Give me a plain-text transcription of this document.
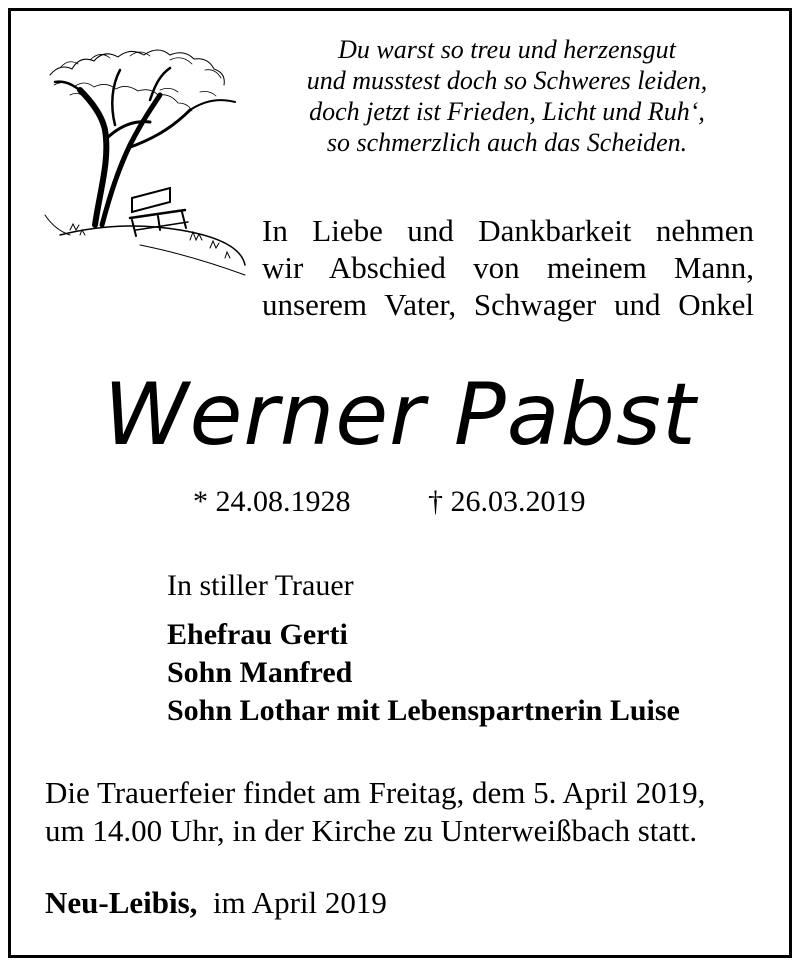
Du warst so treu und herzensgut
und musstest doch so Schweres leiden,
doch jetzt ist Frieden, Licht und Ruh‘,
so schmerzlich auch das Scheiden.
In Liebe und Dankbarkeit nehmen
wir Abschied von meinem Mann,
unserem Vater, Schwager und Onkel
Werner Pabst
* 24.08.1928	† 26.03.2019
In stiller Trauer
Ehefrau Gerti
Sohn Manfred
Sohn Lothar mit Lebenspartnerin Luise
Die Trauerfeier findet am Freitag, dem 5. April 2019,
um 14.00 Uhr, in der Kirche zu Unterweißbach statt.
Neu-Leibis, im April 2019
